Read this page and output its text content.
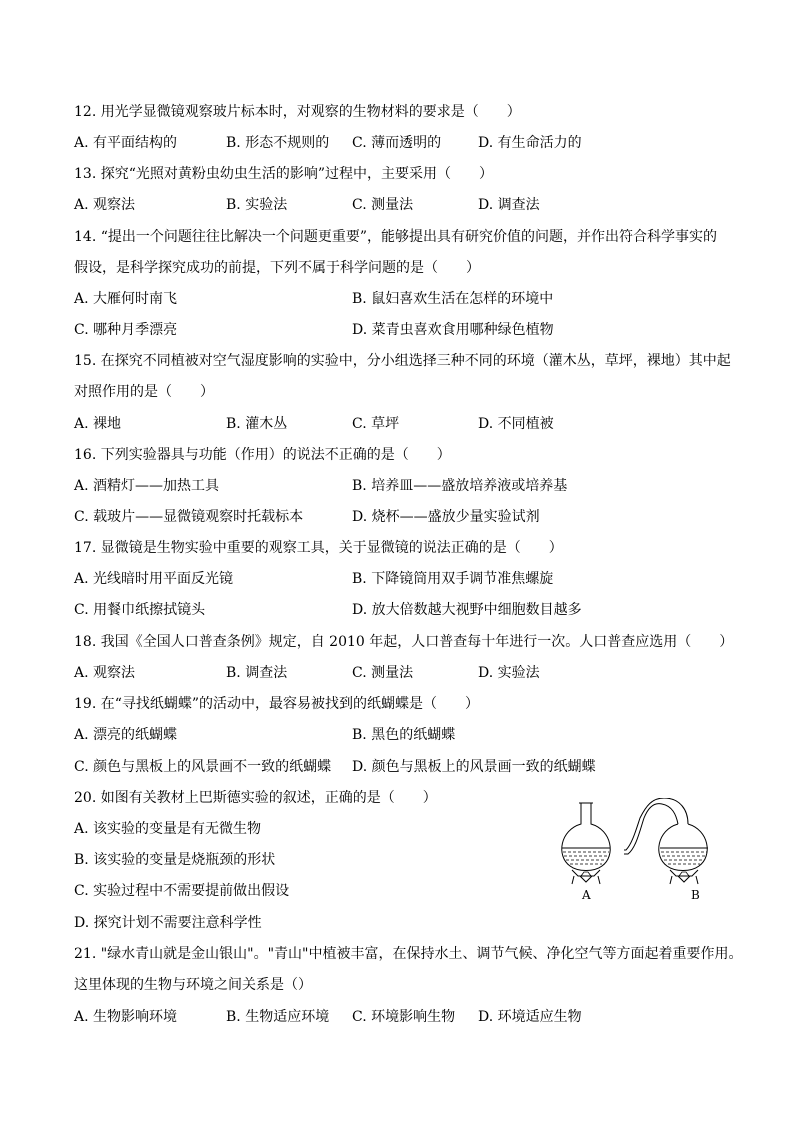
12. 用光学显微镜观察玻片标本时，对观察的生物材料的要求是（　　）
A. 有平面结构的	B. 形态不规则的 C. 薄而透明的	D. 有生命活力的
13. 探究“光照对黄粉虫幼虫生活的影响”过程中，主要采用（　　）
A. 观察法	B. 实验法	C. 测量法	D. 调查法
14. “提出一个问题往往比解决一个问题更重要”，能够提出具有研究价值的问题，并作出符合科学事实的
假设，是科学探究成功的前提，下列不属于科学问题的是（　　）
A. 大雁何时南飞	B. 鼠妇喜欢生活在怎样的环境中
C. 哪种月季漂亮	D. 菜青虫喜欢食用哪种绿色植物
15. 在探究不同植被对空气湿度影响的实验中，分小组选择三种不同的环境（灌木丛，草坪，裸地）其中起
对照作用的是（　　）
A. 裸地	B. 灌木丛	C. 草坪	D. 不同植被
16. 下列实验器具与功能（作用）的说法不正确的是（　　）
A. 酒精灯——加热工具	B. 培养皿——盛放培养液或培养基
C. 载玻片——显微镜观察时托载标本	D. 烧杯——盛放少量实验试剂
17. 显微镜是生物实验中重要的观察工具，关于显微镜的说法正确的是（　　）
A. 光线暗时用平面反光镜	B. 下降镜筒用双手调节准焦螺旋
C. 用餐巾纸擦拭镜头	D. 放大倍数越大视野中细胞数目越多
18. 我国《全国人口普查条例》规定，自 2010 年起，人口普查每十年进行一次。人口普查应选用（　　）
A. 观察法	B. 调查法	C. 测量法	D. 实验法
19. 在“寻找纸蝴蝶”的活动中，最容易被找到的纸蝴蝶是（　　）
A. 漂亮的纸蝴蝶	B. 黑色的纸蝴蝶
C. 颜色与黑板上的风景画不一致的纸蝴蝶 D. 颜色与黑板上的风景画一致的纸蝴蝶
20. 如图有关教材上巴斯德实验的叙述，正确的是（　　）
A. 该实验的变量是有无微生物
B. 该实验的变量是烧瓶颈的形状
C. 实验过程中不需要提前做出假设
D. 探究计划不需要注意科学性
A	B
21. "绿水青山就是金山银山"。"青山"中植被丰富，在保持水土、调节气候、净化空气等方面起着重要作用。
这里体现的生物与环境之间关系是（）
A. 生物影响环境	B. 生物适应环境 C. 环境影响生物 D. 环境适应生物
